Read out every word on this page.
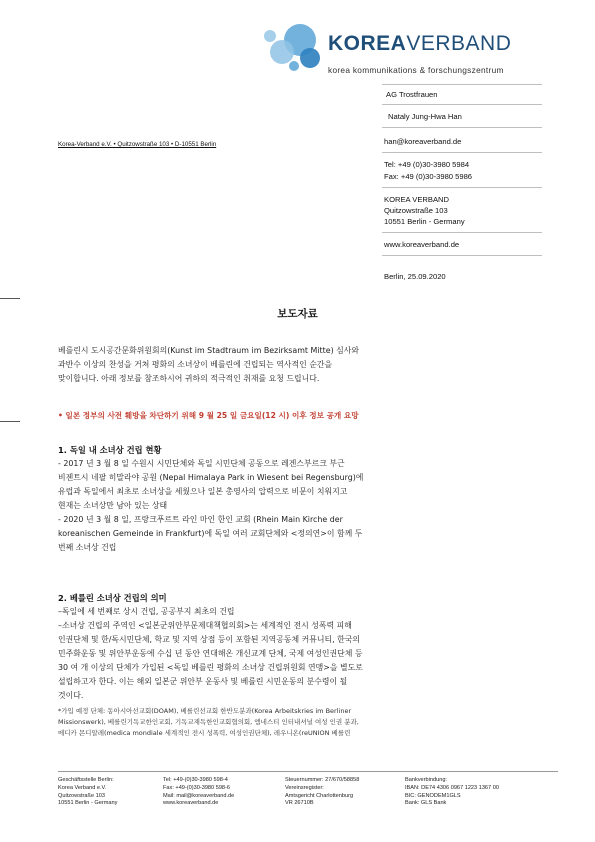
KOREAVERBAND
korea kommunikations & forschungszentrum
AG Trostfrauen
Nataly Jung-Hwa Han
han@koreaverband.de
Tel: +49 (0)30-3980 5984
Fax: +49 (0)30-3980 5986
KOREA VERBAND
Quitzowstraße 103
10551 Berlin - Germany
www.koreaverband.de
Berlin, 25.09.2020
Korea-Verband e.V. • Quitzowstraße 103 • D-10551 Berlin
보도자료
베를린시 도시공간문화위원회의(Kunst im Stadtraum im Bezirksamt Mitte) 심사와
과반수 이상의 찬성을 거쳐 평화의 소녀상이 베를린에 건립되는 역사적인 순간을
맞이합니다. 아래 정보를 참조하시어 귀하의 적극적인 취재를 요청 드립니다.
• 일본 정부의 사전 훼방을 차단하기 위해 9 월 25 일 금요일(12 시) 이후 정보 공개 요망
1. 독일 내 소녀상 건립 현황
- 2017 년 3 월 8 일 수원시 시민단체와 독일 시민단체 공동으로 레겐스부르크 부근
비젠트시 네팔 히말라야 공원 (Nepal Himalaya Park in Wiesent bei Regensburg)에
유럽과 독일에서 최초로 소녀상을 세웠으나 일본 총영사의 압력으로 비문이 치워지고
현재는 소녀상만 남아 있는 상태
- 2020 년 3 월 8 일, 프랑크푸르트 라인 마인 한인 교회 (Rhein Main Kirche der
koreanischen Gemeinde in Frankfurt)에 독일 여러 교회단체와 <정의연>이 함께 두
번째 소녀상 건립
2. 베를린 소녀상 건립의 의미
–독일에 세 번째로 상시 건립, 공공부지 최초의 건립
–소녀상 건립의 주역인 <일본군위안부문제대책협의회>는 세계적인 전시 성폭력 피해
인권단체 및 한/독시민단체, 학교 및 지역 상점 등이 포함된 지역공동체 커뮤니티, 한국의
민주화운동 및 위안부운동에 수십 년 동안 연대해온 개신교계 단체, 국제 여성인권단체 등
30 여 개 이상의 단체가 가입된 <독일 베를린 평화의 소녀상 건립위원회 연맹>을 별도로
설립하고자 한다. 이는 해외 일본군 위안부 운동사 및 베를린 시민운동의 분수령이 될
것이다.
*가입 예정 단체: 동아시아선교회(DOAM), 베를린선교회 한반도분과(Korea Arbeitskries im Berliner
Missionswerk), 베를린기독교한인교회, 기독교재독한인교회협의회, 엠네스티 인터내셔널 여성 인권 분과,
메디카 몬디알레(medica mondiale 세계적인 전시 성폭력, 여성인권단체), 레우니온(reUNION 베를린
Geschäftsstelle Berlin:
Korea Verband e.V.
Quitzowstraße 103
10551 Berlin - Germany
Tel: +49-(0)30-3980 598-4
Fax: +49-(0)30-3980 598-6
Mail: mail@koreaverband.de
www.koreaverband.de
Steuernummer: 27/670/58858
Vereinsregister:
Amtsgericht Charlottenburg
VR 26710B
Bankverbindung:
IBAN: DE74 4306 0967 1223 1367 00
BIC: GENODEM1GLS
Bank: GLS Bank
